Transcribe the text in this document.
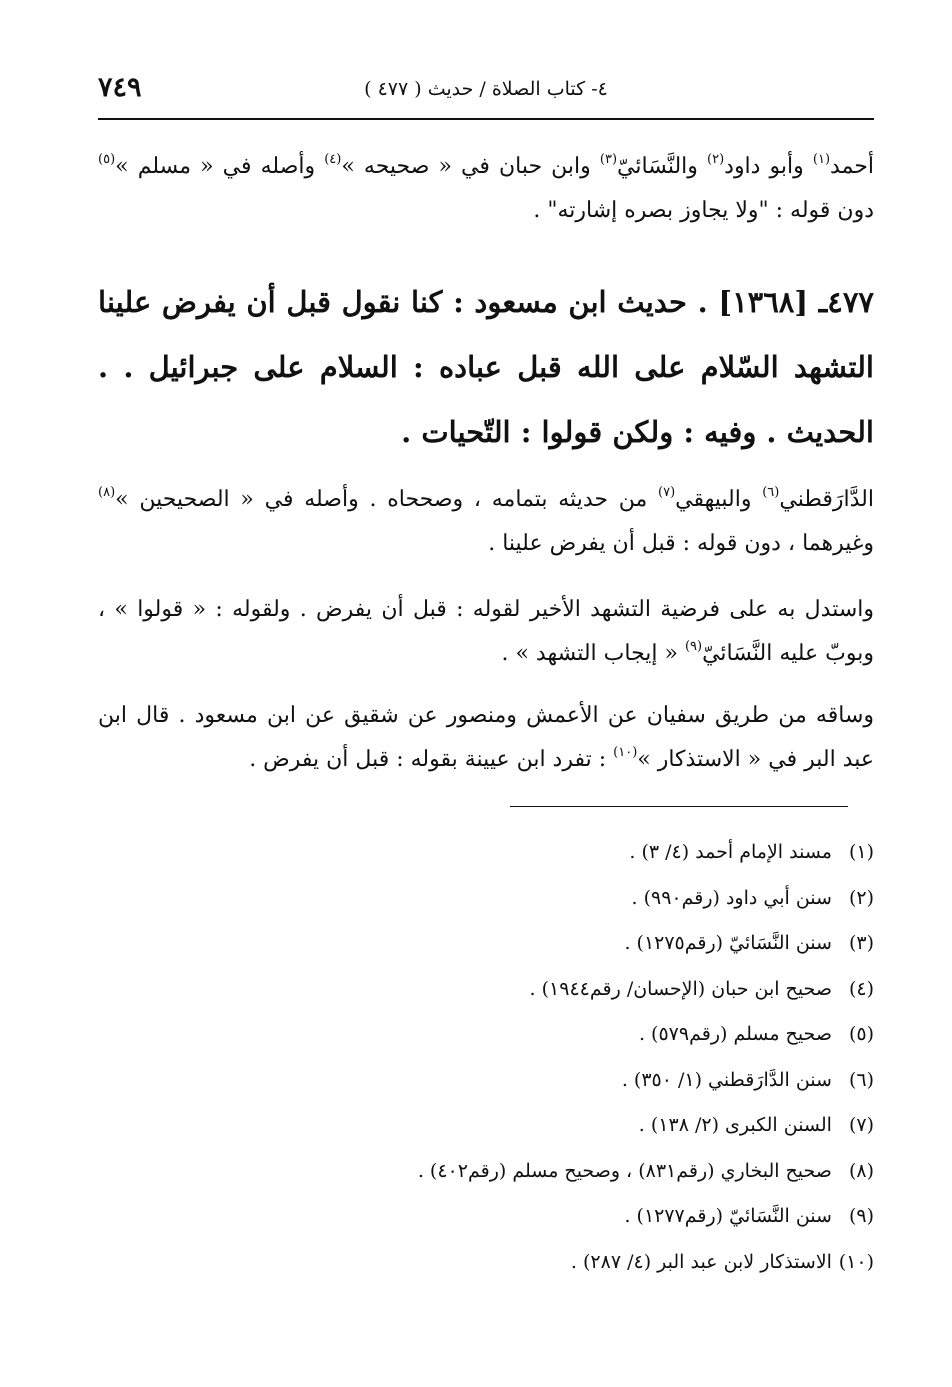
٤- كتاب الصلاة / حديث ( ٤٧٧ )
٧٤٩

أحمد$^{(١)}$ وأبو داود$^{(٢)}$ والنَّسَائيّ$^{(٣)}$ وابن حبان في « صحيحه »$^{(٤)}$ وأصله في « مسلم »$^{(٥)}$ دون قوله : "ولا يجاوز بصره إشارته" .

٤٧٧ـ [١٣٦٨] . حديث ابن مسعود : كنا نقول قبل أن يفرض علينا التشهد السّلام على الله قبل عباده : السلام على جبرائيل . . الحديث . وفيه : ولكن قولوا : التّحيات .

الدَّارَقطني$^{(٦)}$ والبيهقي$^{(٧)}$ من حديثه بتمامه ، وصححاه . وأصله في « الصحيحين »$^{(٨)}$ وغيرهما ، دون قوله : قبل أن يفرض علينا .

واستدل به على فرضية التشهد الأخير لقوله : قبل أن يفرض . ولقوله : « قولوا » ، وبوبّ عليه النَّسَائيّ$^{(٩)}$ « إيجاب التشهد » .

وساقه من طريق سفيان عن الأعمش ومنصور عن شقيق عن ابن مسعود . قال ابن عبد البر في « الاستذكار »$^{(١٠)}$ : تفرد ابن عيينة بقوله : قبل أن يفرض .

(١) مسند الإمام أحمد (٤/ ٣) .
(٢) سنن أبي داود (رقم٩٩٠) .
(٣) سنن النَّسَائيّ (رقم١٢٧٥) .
(٤) صحيح ابن حبان (الإحسان/ رقم١٩٤٤) .
(٥) صحيح مسلم (رقم٥٧٩) .
(٦) سنن الدَّارَقطني (١/ ٣٥٠) .
(٧) السنن الكبرى (٢/ ١٣٨) .
(٨) صحيح البخاري (رقم٨٣١) ، وصحيح مسلم (رقم٤٠٢) .
(٩) سنن النَّسَائيّ (رقم١٢٧٧) .
(١٠) الاستذكار لابن عبد البر (٤/ ٢٨٧) .
